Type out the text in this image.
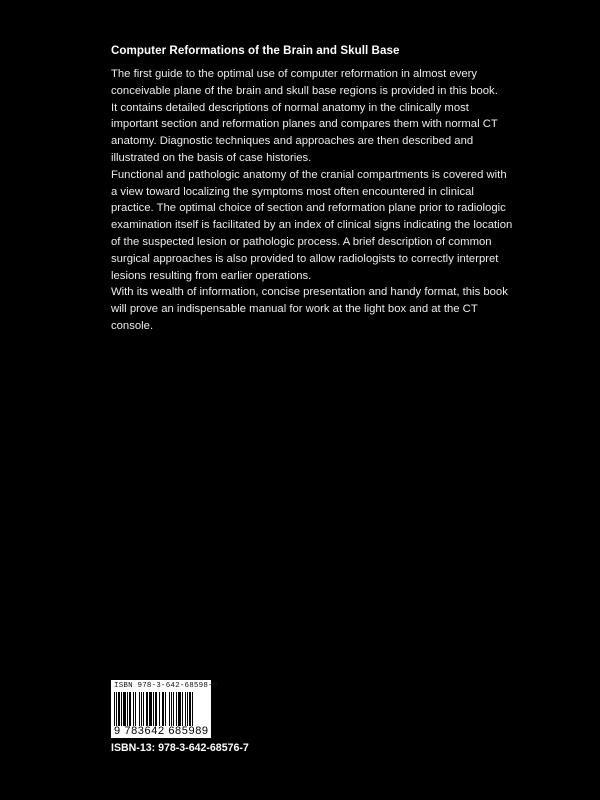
Computer Reformations of the Brain and Skull Base

The first guide to the optimal use of computer reformation in almost every
conceivable plane of the brain and skull base regions is provided in this book.
It contains detailed descriptions of normal anatomy in the clinically most
important section and reformation planes and compares them with normal CT
anatomy. Diagnostic techniques and approaches are then described and
illustrated on the basis of case histories.

Functional and pathologic anatomy of the cranial compartments is covered with
a view toward localizing the symptoms most often encountered in clinical
practice. The optimal choice of section and reformation plane prior to radiologic
examination itself is facilitated by an index of clinical signs indicating the location
of the suspected lesion or pathologic process. A brief description of common
surgical approaches is also provided to allow radiologists to correctly interpret
lesions resulting from earlier operations.

With its wealth of information, concise presentation and handy format, this book
will prove an indispensable manual for work at the light box and at the CT
console.

ISBN 978-3-642-68598-9
9 783642 685989
ISBN-13: 978-3-642-68576-7
